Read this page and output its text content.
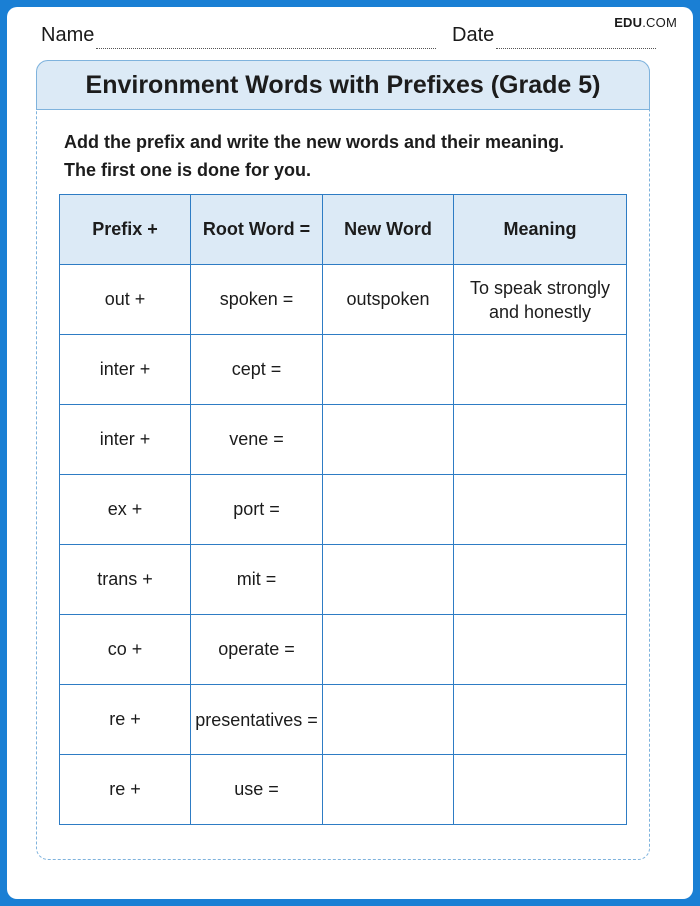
EDU.COM
Name	Date
Environment Words with Prefixes (Grade 5)
Add the prefix and write the new words and their meaning.
The first one is done for you.
Prefix +	Root Word =	New Word	Meaning
out +	spoken =	outspoken	To speak strongly and honestly
inter +	cept =		
inter +	vene =		
ex +	port =		
trans +	mit =		
co +	operate =		
re +	presentatives =		
re +	use =		
